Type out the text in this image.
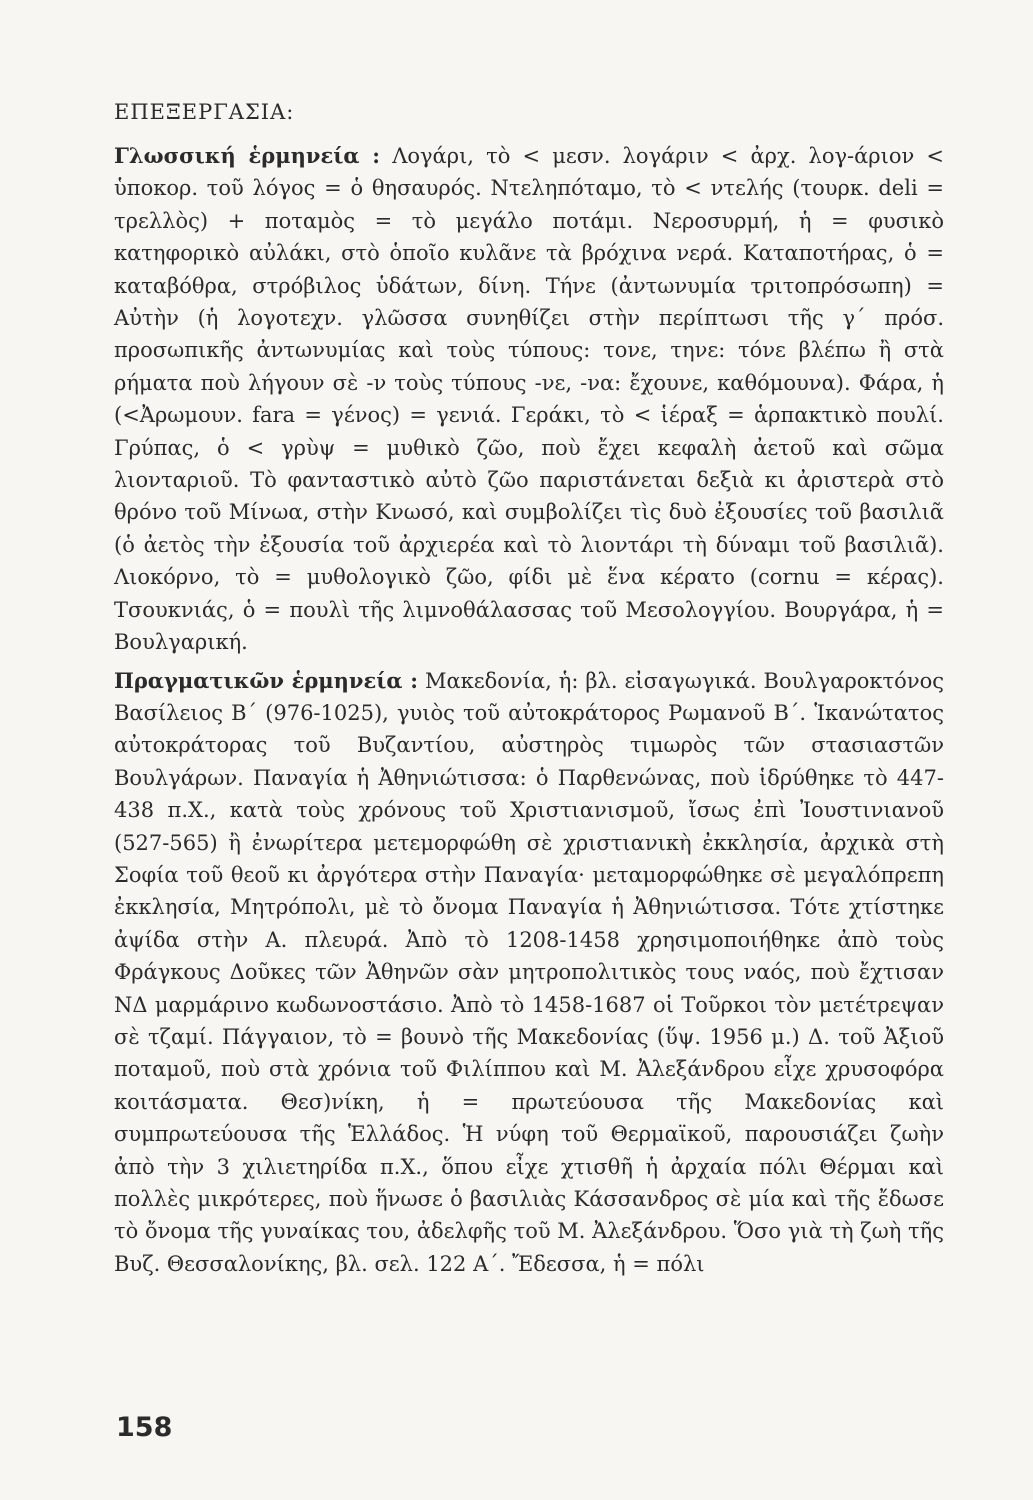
ΕΠΕΞΕΡΓΑΣΙΑ:

Γλωσσική ἑρμηνεία : Λογάρι, τὸ < μεσν. λογάριν < ἀρχ. λογ-άριον < ὑποκορ. τοῦ λόγος = ὁ θησαυρός. Ντεληπόταμο, τὸ < ντελής (τουρκ. deli = τρελλὸς) + ποταμὸς = τὸ μεγάλο ποτάμι. Νεροσυρμή, ἡ = φυσικὸ κατηφορικὸ αὐλάκι, στὸ ὁποῖο κυλᾶνε τὰ βρόχινα νερά. Καταποτήρας, ὁ = καταβόθρα, στρόβιλος ὑδάτων, δίνη. Τήνε (ἀντωνυμία τριτοπρόσωπη) = Αὐτὴν (ἡ λογοτεχν. γλῶσσα συνηθίζει στὴν περίπτωσι τῆς γ΄ πρόσ. προσωπικῆς ἀντωνυμίας καὶ τοὺς τύπους: τονε, τηνε: τόνε βλέπω ἢ στὰ ρήματα ποὺ λήγουν σὲ -ν τοὺς τύπους -νε, -να: ἔχουνε, καθόμουνα). Φάρα, ἡ (<Ἀρωμουν. fara = γένος) = γενιά. Γεράκι, τὸ < ἱέραξ = ἁρπακτικὸ πουλί. Γρύπας, ὁ < γρὺψ = μυθικὸ ζῶο, ποὺ ἔχει κεφαλὴ ἀετοῦ καὶ σῶμα λιονταριοῦ. Τὸ φανταστικὸ αὐτὸ ζῶο παριστάνεται δεξιὰ κι ἀριστερὰ στὸ θρόνο τοῦ Μίνωα, στὴν Κνωσό, καὶ συμβολίζει τὶς δυὸ ἐξουσίες τοῦ βασιλιᾶ (ὁ ἀετὸς τὴν ἐξουσία τοῦ ἀρχιερέα καὶ τὸ λιοντάρι τὴ δύναμι τοῦ βασιλιᾶ). Λιοκόρνο, τὸ = μυθολογικὸ ζῶο, φίδι μὲ ἕνα κέρατο (cornu = κέρας). Τσουκνιάς, ὁ = πουλὶ τῆς λιμνοθάλασσας τοῦ Μεσολογγίου. Βουργάρα, ἡ = Βουλγαρική.

Πραγματικῶν ἑρμηνεία : Μακεδονία, ἡ: βλ. εἰσαγωγικά. Βουλγαροκτόνος Βασίλειος Β΄ (976-1025), γυιὸς τοῦ αὐτοκράτορος Ρωμανοῦ Β΄. Ἱκανώτατος αὐτοκράτορας τοῦ Βυζαντίου, αὐστηρὸς τιμωρὸς τῶν στασιαστῶν Βουλγάρων. Παναγία ἡ Ἀθηνιώτισσα: ὁ Παρθενώνας, ποὺ ἱδρύθηκε τὸ 447-438 π.Χ., κατὰ τοὺς χρόνους τοῦ Χριστιανισμοῦ, ἴσως ἐπὶ Ἰουστινιανοῦ (527-565) ἢ ἐνωρίτερα μετεμορφώθη σὲ χριστιανικὴ ἐκκλησία, ἀρχικὰ στὴ Σοφία τοῦ θεοῦ κι ἀργότερα στὴν Παναγία· μεταμορφώθηκε σὲ μεγαλόπρεπη ἐκκλησία, Μητρόπολι, μὲ τὸ ὄνομα Παναγία ἡ Ἀθηνιώτισσα. Τότε χτίστηκε ἀψίδα στὴν Α. πλευρά. Ἀπὸ τὸ 1208-1458 χρησιμοποιήθηκε ἀπὸ τοὺς Φράγκους Δοῦκες τῶν Ἀθηνῶν σὰν μητροπολιτικὸς τους ναός, ποὺ ἔχτισαν ΝΔ μαρμάρινο κωδωνοστάσιο. Ἀπὸ τὸ 1458-1687 οἱ Τοῦρκοι τὸν μετέτρεψαν σὲ τζαμί. Πάγγαιον, τὸ = βουνὸ τῆς Μακεδονίας (ὕψ. 1956 μ.) Δ. τοῦ Ἀξιοῦ ποταμοῦ, ποὺ στὰ χρόνια τοῦ Φιλίππου καὶ Μ. Ἀλεξάνδρου εἶχε χρυσοφόρα κοιτάσματα. Θεσ)νίκη, ἡ = πρωτεύουσα τῆς Μακεδονίας καὶ συμπρωτεύουσα τῆς Ἑλλάδος. Ἡ νύφη τοῦ Θερμαϊκοῦ, παρουσιάζει ζωὴν ἀπὸ τὴν 3 χιλιετηρίδα π.Χ., ὅπου εἶχε χτισθῆ ἡ ἀρχαία πόλι Θέρμαι καὶ πολλὲς μικρότερες, ποὺ ἥνωσε ὁ βασιλιὰς Κάσσανδρος σὲ μία καὶ τῆς ἔδωσε τὸ ὄνομα τῆς γυναίκας του, ἀδελφῆς τοῦ Μ. Ἀλεξάνδρου. Ὅσο γιὰ τὴ ζωὴ τῆς Βυζ. Θεσσαλονίκης, βλ. σελ. 122 Α΄. Ἔδεσσα, ἡ = πόλι

158
